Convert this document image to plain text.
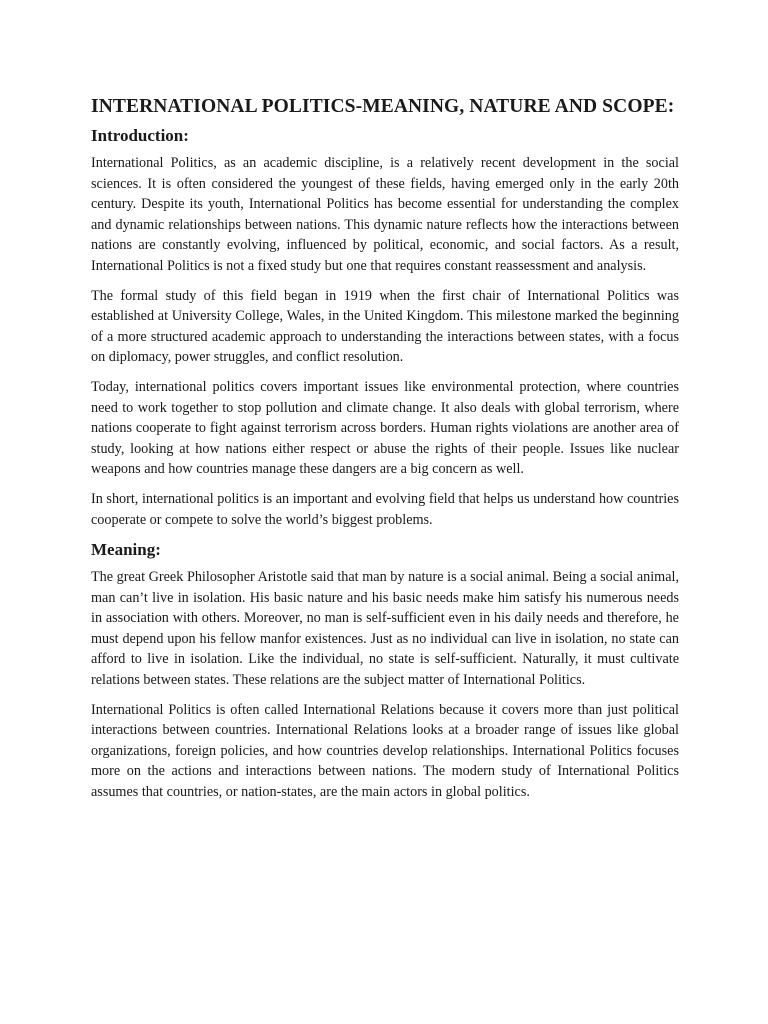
INTERNATIONAL POLITICS-MEANING, NATURE AND SCOPE:
Introduction:

International Politics, as an academic discipline, is a relatively recent development in the social sciences. It is often considered the youngest of these fields, having emerged only in the early 20th century. Despite its youth, International Politics has become essential for understanding the complex and dynamic relationships between nations. This dynamic nature reflects how the interactions between nations are constantly evolving, influenced by political, economic, and social factors. As a result, International Politics is not a fixed study but one that requires constant reassessment and analysis.

The formal study of this field began in 1919 when the first chair of International Politics was established at University College, Wales, in the United Kingdom. This milestone marked the beginning of a more structured academic approach to understanding the interactions between states, with a focus on diplomacy, power struggles, and conflict resolution.

Today, international politics covers important issues like environmental protection, where countries need to work together to stop pollution and climate change. It also deals with global terrorism, where nations cooperate to fight against terrorism across borders. Human rights violations are another area of study, looking at how nations either respect or abuse the rights of their people. Issues like nuclear weapons and how countries manage these dangers are a big concern as well.

In short, international politics is an important and evolving field that helps us understand how countries cooperate or compete to solve the world’s biggest problems.

Meaning:

The great Greek Philosopher Aristotle said that man by nature is a social animal. Being a social animal, man can’t live in isolation. His basic nature and his basic needs make him satisfy his numerous needs in association with others. Moreover, no man is self-sufficient even in his daily needs and therefore, he must depend upon his fellow manfor existences. Just as no individual can live in isolation, no state can afford to live in isolation. Like the individual, no state is self-sufficient. Naturally, it must cultivate relations between states. These relations are the subject matter of International Politics.

International Politics is often called International Relations because it covers more than just political interactions between countries. International Relations looks at a broader range of issues like global organizations, foreign policies, and how countries develop relationships. International Politics focuses more on the actions and interactions between nations. The modern study of International Politics assumes that countries, or nation-states, are the main actors in global politics.
